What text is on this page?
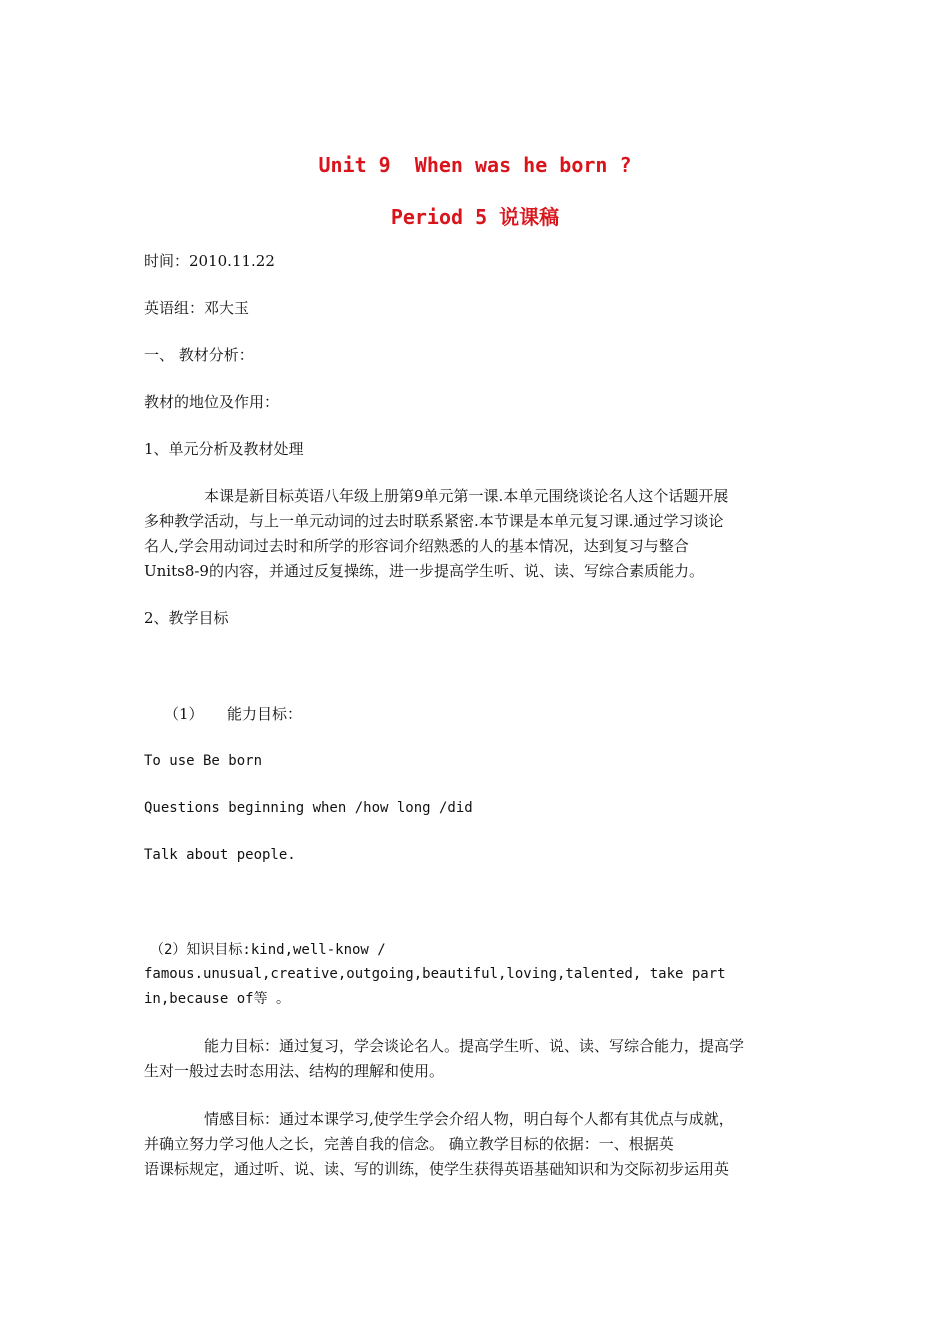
Unit 9  When was he born ?
Period 5 说课稿
时间：2010.11.22
英语组：邓大玉
一、 教材分析：
教材的地位及作用：
1、单元分析及教材处理
本课是新目标英语八年级上册第9单元第一课.本单元围绕谈论名人这个话题开展
多种教学活动，与上一单元动词的过去时联系紧密.本节课是本单元复习课.通过学习谈论
名人,学会用动词过去时和所学的形容词介绍熟悉的人的基本情况，达到复习与整合
Units8-9的内容，并通过反复操练，进一步提高学生听、说、读、写综合素质能力。
2、教学目标
（1） 能力目标：
To use Be born
Questions beginning when /how long /did
Talk about people.
（2）知识目标:kind,well-know /
famous.unusual,creative,outgoing,beautiful,loving,talented, take part
in,because of等 。
能力目标：通过复习，学会谈论名人。提高学生听、说、读、写综合能力，提高学
生对一般过去时态用法、结构的理解和使用。
情感目标：通过本课学习,使学生学会介绍人物，明白每个人都有其优点与成就，
并确立努力学习他人之长，完善自我的信念。 确立教学目标的依据：一、根据英
语课标规定，通过听、说、读、写的训练，使学生获得英语基础知识和为交际初步运用英
